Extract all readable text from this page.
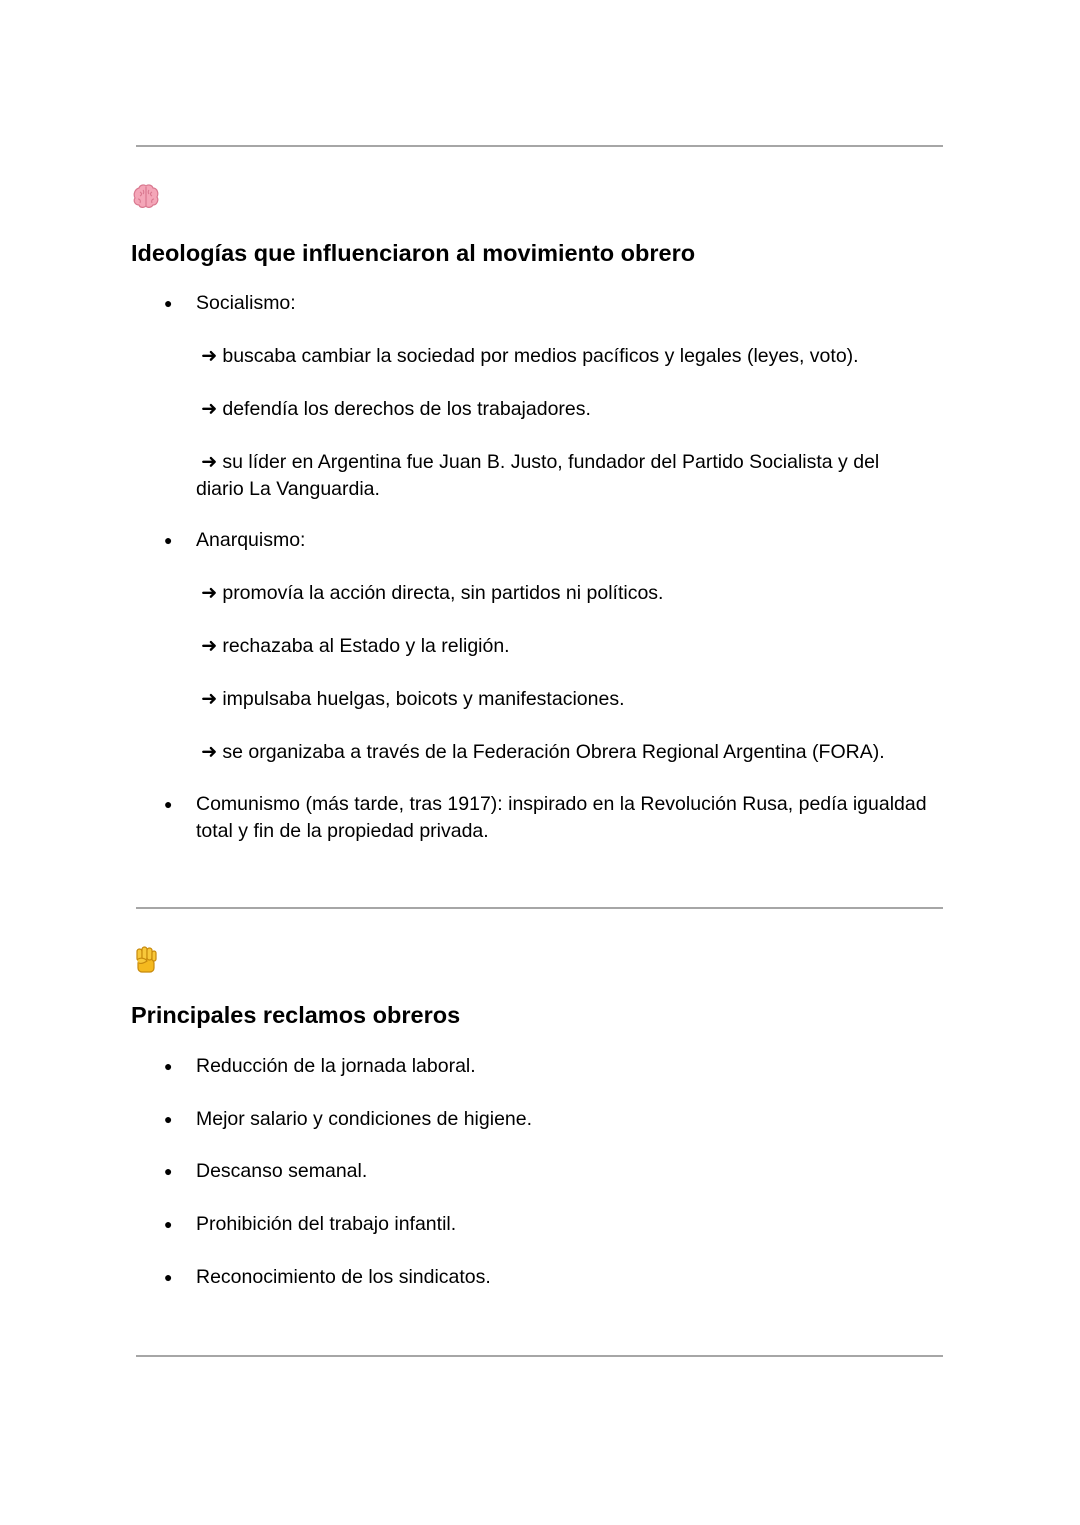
Ideologías que influenciaron al movimiento obrero
● Socialismo:
➜ buscaba cambiar la sociedad por medios pacíficos y legales (leyes, voto).
➜ defendía los derechos de los trabajadores.
➜ su líder en Argentina fue Juan B. Justo, fundador del Partido Socialista y del
diario La Vanguardia.
● Anarquismo:
➜ promovía la acción directa, sin partidos ni políticos.
➜ rechazaba al Estado y la religión.
➜ impulsaba huelgas, boicots y manifestaciones.
➜ se organizaba a través de la Federación Obrera Regional Argentina (FORA).
● Comunismo (más tarde, tras 1917): inspirado en la Revolución Rusa, pedía igualdad
total y fin de la propiedad privada.
Principales reclamos obreros
● Reducción de la jornada laboral.
● Mejor salario y condiciones de higiene.
● Descanso semanal.
● Prohibición del trabajo infantil.
● Reconocimiento de los sindicatos.
